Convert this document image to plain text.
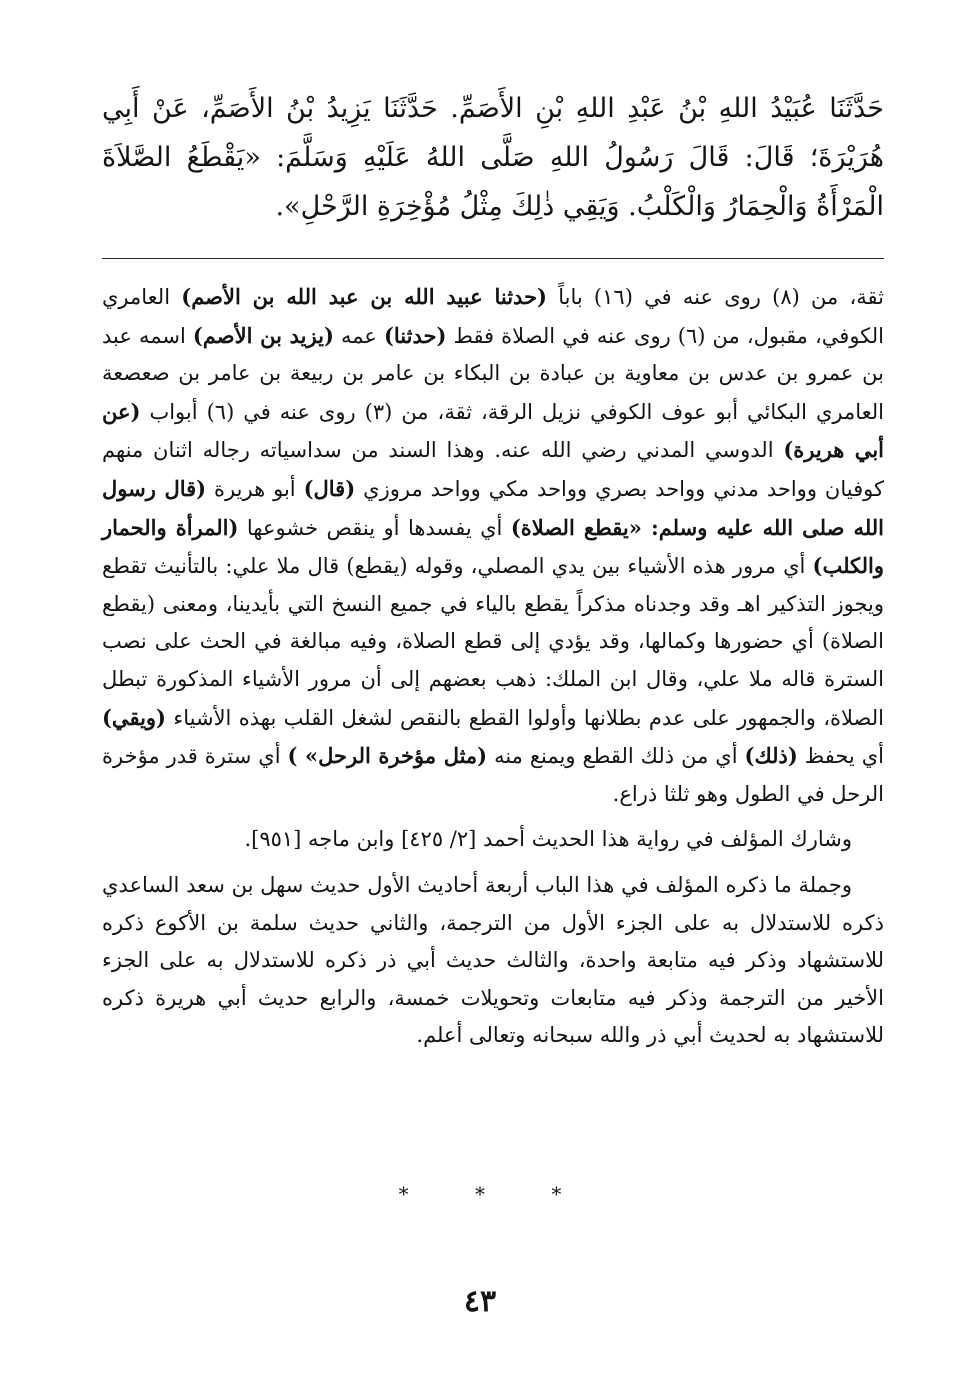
حَدَّثَنَا عُبَيْدُ اللهِ بْنُ عَبْدِ اللهِ بْنِ الأَصَمِّ. حَدَّثَنَا يَزِيدُ بْنُ الأَصَمِّ، عَنْ أَبِي هُرَيْرَةَ؛ قَالَ: قَالَ رَسُولُ اللهِ صَلَّى اللهُ عَلَيْهِ وَسَلَّمَ: «يَقْطَعُ الصَّلاَةَ الْمَرْأَةُ وَالْحِمَارُ وَالْكَلْبُ. وَيَقِي ذٰلِكَ مِثْلُ مُؤْخِرَةِ الرَّحْلِ».

ثقة، من (٨) روى عنه في (١٦) باباً (حدثنا عبيد الله بن عبد الله بن الأصم) العامري الكوفي، مقبول، من (٦) روى عنه في الصلاة فقط (حدثنا) عمه (يزيد بن الأصم) اسمه عبد بن عمرو بن عدس بن معاوية بن عبادة بن البكاء بن عامر بن ربيعة بن عامر بن صعصعة العامري البكائي أبو عوف الكوفي نزيل الرقة، ثقة، من (٣) روى عنه في (٦) أبواب (عن أبي هريرة) الدوسي المدني رضي الله عنه. وهذا السند من سداسياته رجاله اثنان منهم كوفيان وواحد مدني وواحد بصري وواحد مكي وواحد مروزي (قال) أبو هريرة (قال رسول الله صلى الله عليه وسلم: «يقطع الصلاة) أي يفسدها أو ينقص خشوعها (المرأة والحمار والكلب) أي مرور هذه الأشياء بين يدي المصلي، وقوله (يقطع) قال ملا علي: بالتأنيث تقطع ويجوز التذكير اهـ وقد وجدناه مذكراً يقطع بالياء في جميع النسخ التي بأيدينا، ومعنى (يقطع الصلاة) أي حضورها وكمالها، وقد يؤدي إلى قطع الصلاة، وفيه مبالغة في الحث على نصب السترة قاله ملا علي، وقال ابن الملك: ذهب بعضهم إلى أن مرور الأشياء المذكورة تبطل الصلاة، والجمهور على عدم بطلانها وأولوا القطع بالنقص لشغل القلب بهذه الأشياء (ويقي) أي يحفظ (ذلك) أي من ذلك القطع ويمنع منه (مثل مؤخرة الرحل» ) أي سترة قدر مؤخرة الرحل في الطول وهو ثلثا ذراع.

وشارك المؤلف في رواية هذا الحديث أحمد [٢/ ٤٢٥] وابن ماجه [٩٥١].

وجملة ما ذكره المؤلف في هذا الباب أربعة أحاديث الأول حديث سهل بن سعد الساعدي ذكره للاستدلال به على الجزء الأول من الترجمة، والثاني حديث سلمة بن الأكوع ذكره للاستشهاد وذكر فيه متابعة واحدة، والثالث حديث أبي ذر ذكره للاستدلال به على الجزء الأخير من الترجمة وذكر فيه متابعات وتحويلات خمسة، والرابع حديث أبي هريرة ذكره للاستشهاد به لحديث أبي ذر والله سبحانه وتعالى أعلم.

* * *
٤٣
